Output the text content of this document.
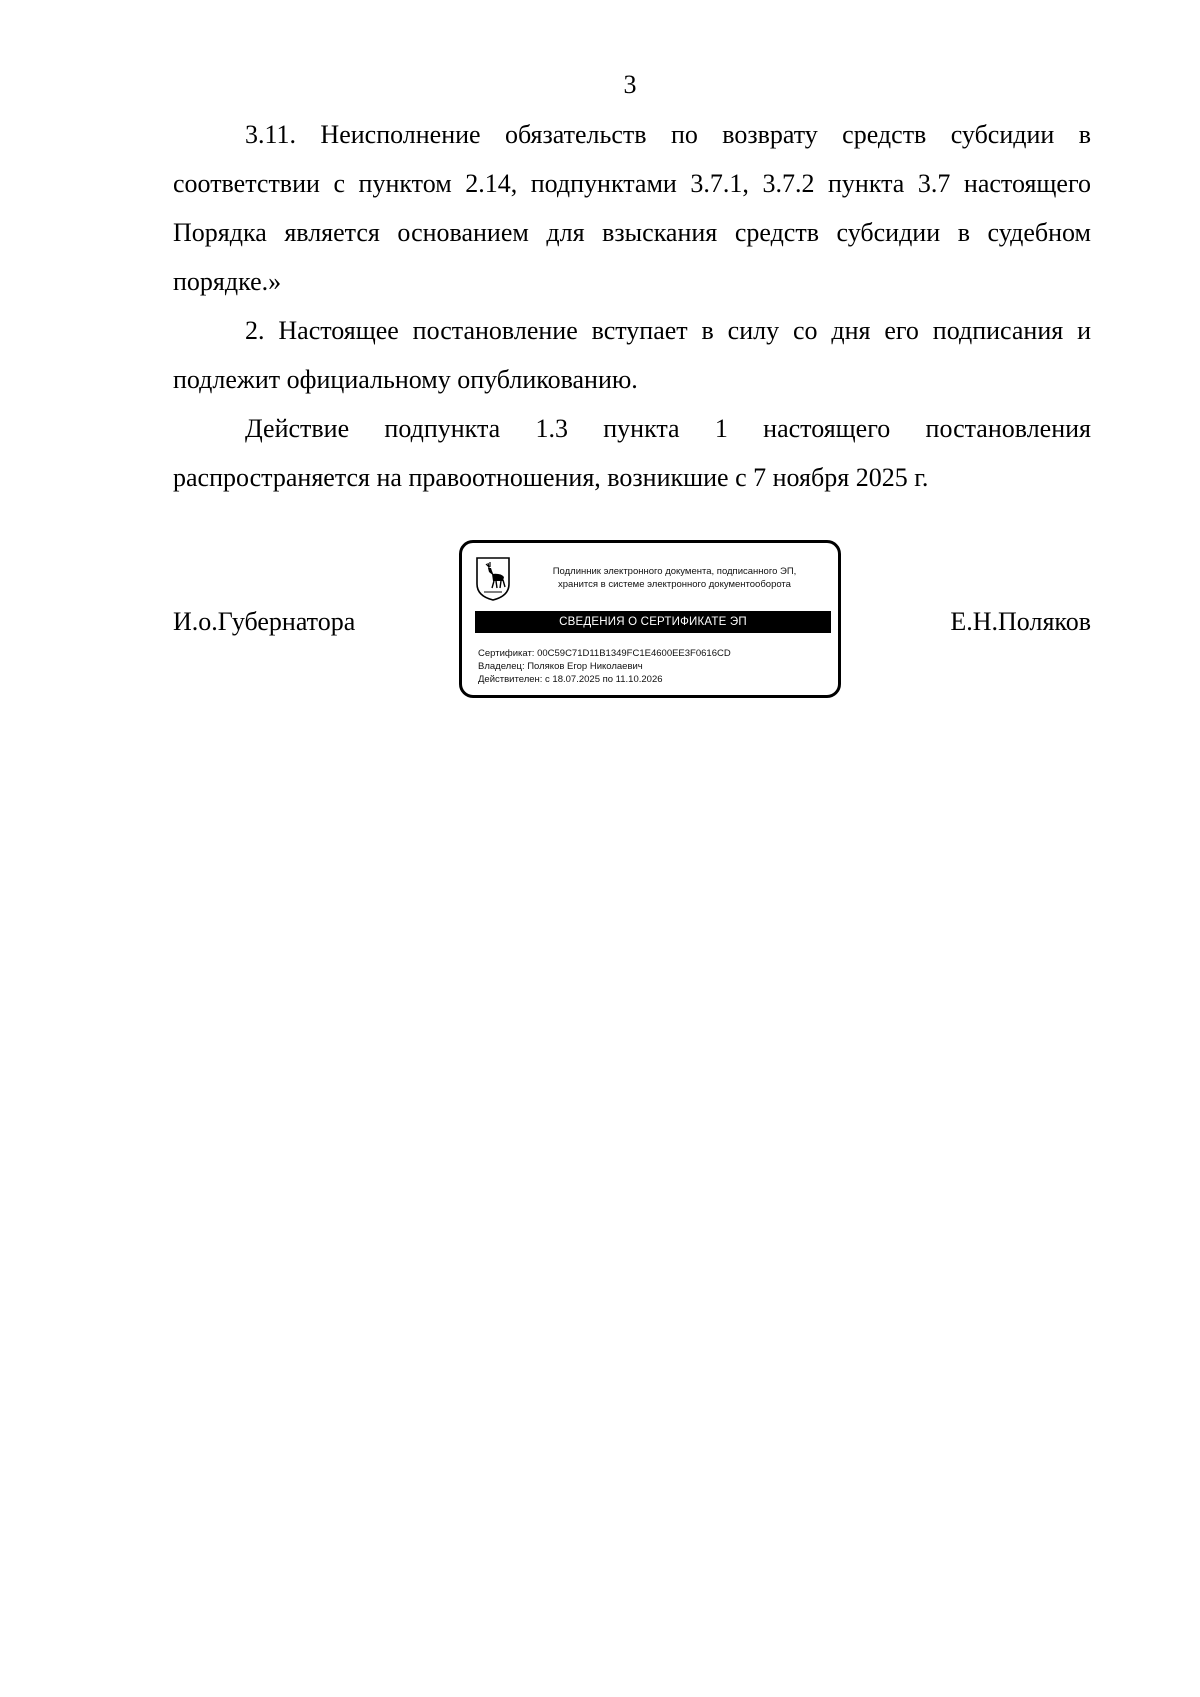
3

3.11. Неисполнение обязательств по возврату средств субсидии в соответствии с пунктом 2.14, подпунктами 3.7.1, 3.7.2 пункта 3.7 настоящего Порядка является основанием для взыскания средств субсидии в судебном порядке.»

2. Настоящее постановление вступает в силу со дня его подписания и подлежит официальному опубликованию.

Действие подпункта 1.3 пункта 1 настоящего постановления распространяется на правоотношения, возникшие с 7 ноября 2025 г.

И.о.Губернатора
Подлинник электронного документа, подписанного ЭП,
хранится в системе электронного документооборота
СВЕДЕНИЯ О СЕРТИФИКАТЕ ЭП
Сертификат: 00C59C71D11B1349FC1E4600EE3F0616CD
Владелец: Поляков Егор Николаевич
Действителен: с 18.07.2025 по 11.10.2026
Е.Н.Поляков
